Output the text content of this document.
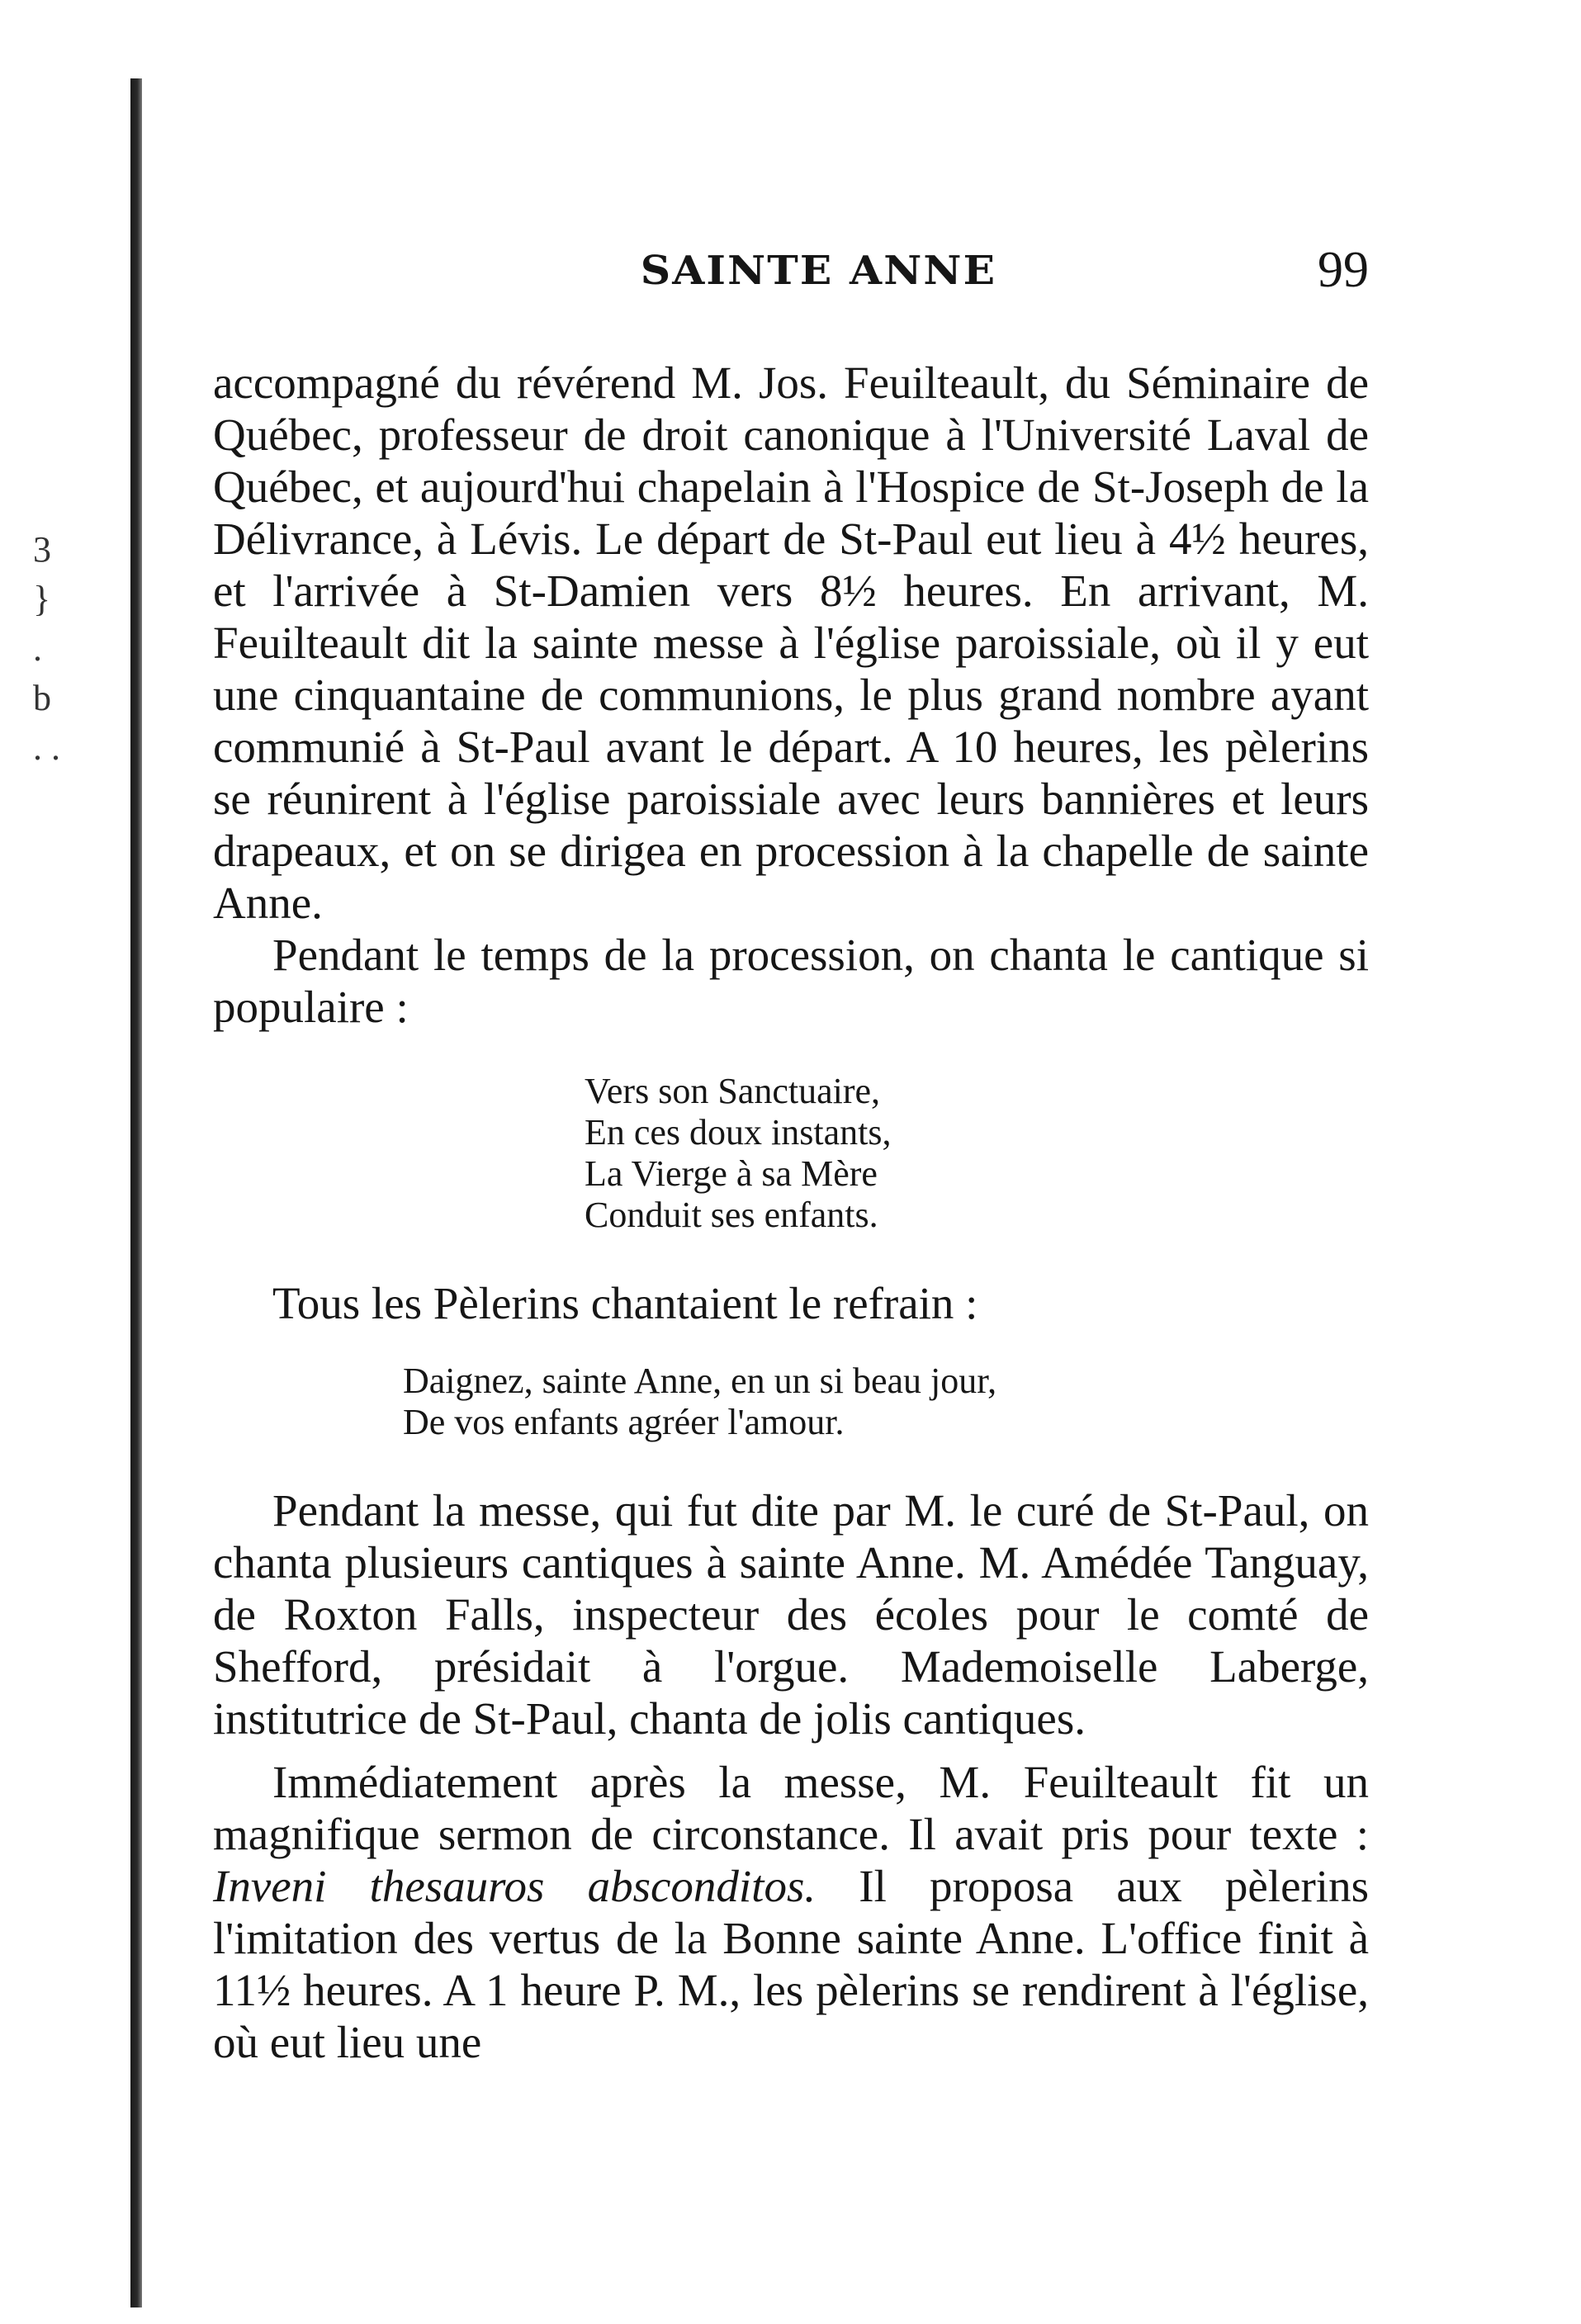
3
}
.
b
. .
SAINTE ANNE	99

accompagné du révérend M. Jos. Feuilteault, du Séminaire de Québec, professeur de droit canonique à l'Université Laval de Québec, et aujourd'hui chapelain à l'Hospice de St-Joseph de la Délivrance, à Lévis. Le départ de St-Paul eut lieu à 4½ heures, et l'arrivée à St-Damien vers 8½ heures. En arrivant, M. Feuilteault dit la sainte messe à l'église paroissiale, où il y eut une cinquantaine de communions, le plus grand nombre ayant communié à St-Paul avant le départ. A 10 heures, les pèlerins se réunirent à l'église paroissiale avec leurs bannières et leurs drapeaux, et on se dirigea en procession à la chapelle de sainte Anne.

Pendant le temps de la procession, on chanta le cantique si populaire :

Vers son Sanctuaire,
En ces doux instants,
La Vierge à sa Mère
Conduit ses enfants.

Tous les Pèlerins chantaient le refrain :

Daignez, sainte Anne, en un si beau jour,
De vos enfants agréer l'amour.

Pendant la messe, qui fut dite par M. le curé de St-Paul, on chanta plusieurs cantiques à sainte Anne. M. Amédée Tanguay, de Roxton Falls, inspecteur des écoles pour le comté de Shefford, présidait à l'orgue. Mademoiselle Laberge, institutrice de St-Paul, chanta de jolis cantiques.

Immédiatement après la messe, M. Feuilteault fit un magnifique sermon de circonstance. Il avait pris pour texte : Inveni thesauros absconditos. Il proposa aux pèlerins l'imitation des vertus de la Bonne sainte Anne. L'office finit à 11½ heures. A 1 heure P. M., les pèlerins se rendirent à l'église, où eut lieu une
